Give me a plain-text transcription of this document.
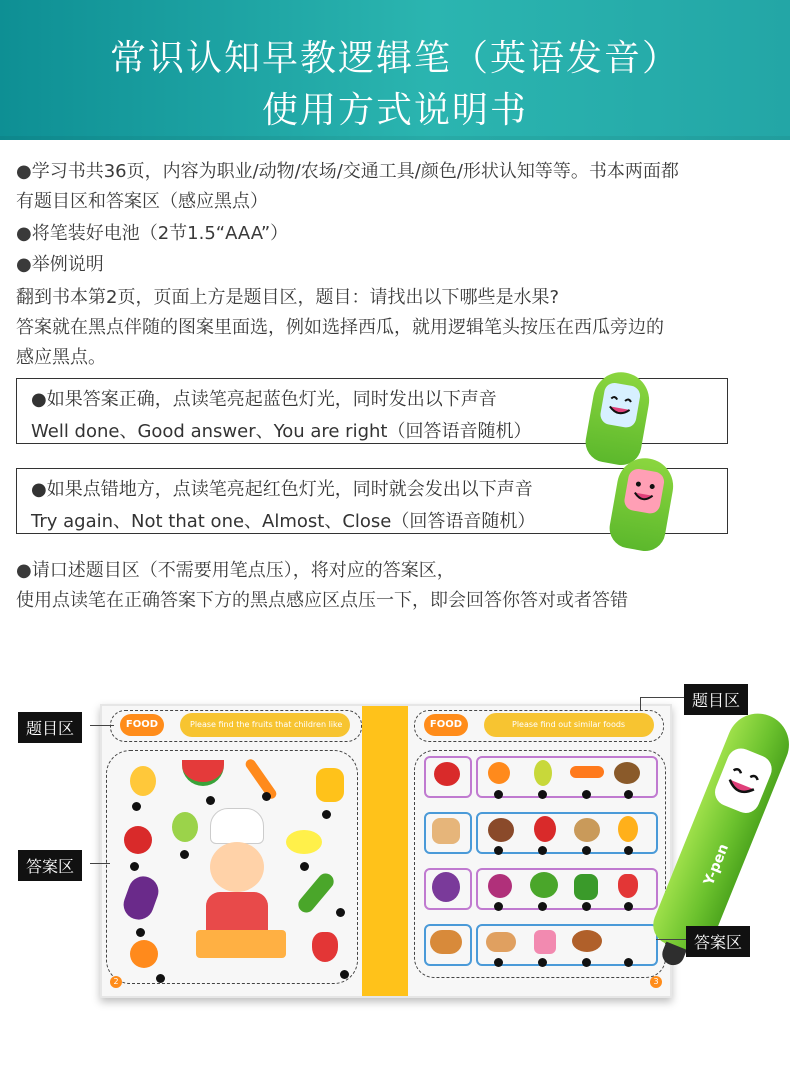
常识认知早教逻辑笔（英语发音）
使用方式说明书
●学习书共36页，内容为职业/动物/农场/交通工具/颜色/形状认知等等。书本两面都
有题目区和答案区（感应黑点）
●将笔装好电池（2节1.5“AAA”）
●举例说明
翻到书本第2页，页面上方是题目区，题目：请找出以下哪些是水果?
答案就在黑点伴随的图案里面选，例如选择西瓜，就用逻辑笔头按压在西瓜旁边的
感应黑点。
●如果答案正确，点读笔亮起蓝色灯光，同时发出以下声音
Well done、Good answer、You are right（回答语音随机）
●如果点错地方，点读笔亮起红色灯光，同时就会发出以下声音
Try again、Not that one、Almost、Close（回答语音随机）
●请口述题目区（不需要用笔点压），将对应的答案区，
使用点读笔在正确答案下方的黑点感应区点压一下，即会回答你答对或者答错
Please find the fruits that children like
FOOD
2
Please find out similar foods
FOOD
3
Y-pen
题目区
答案区
题目区
答案区
